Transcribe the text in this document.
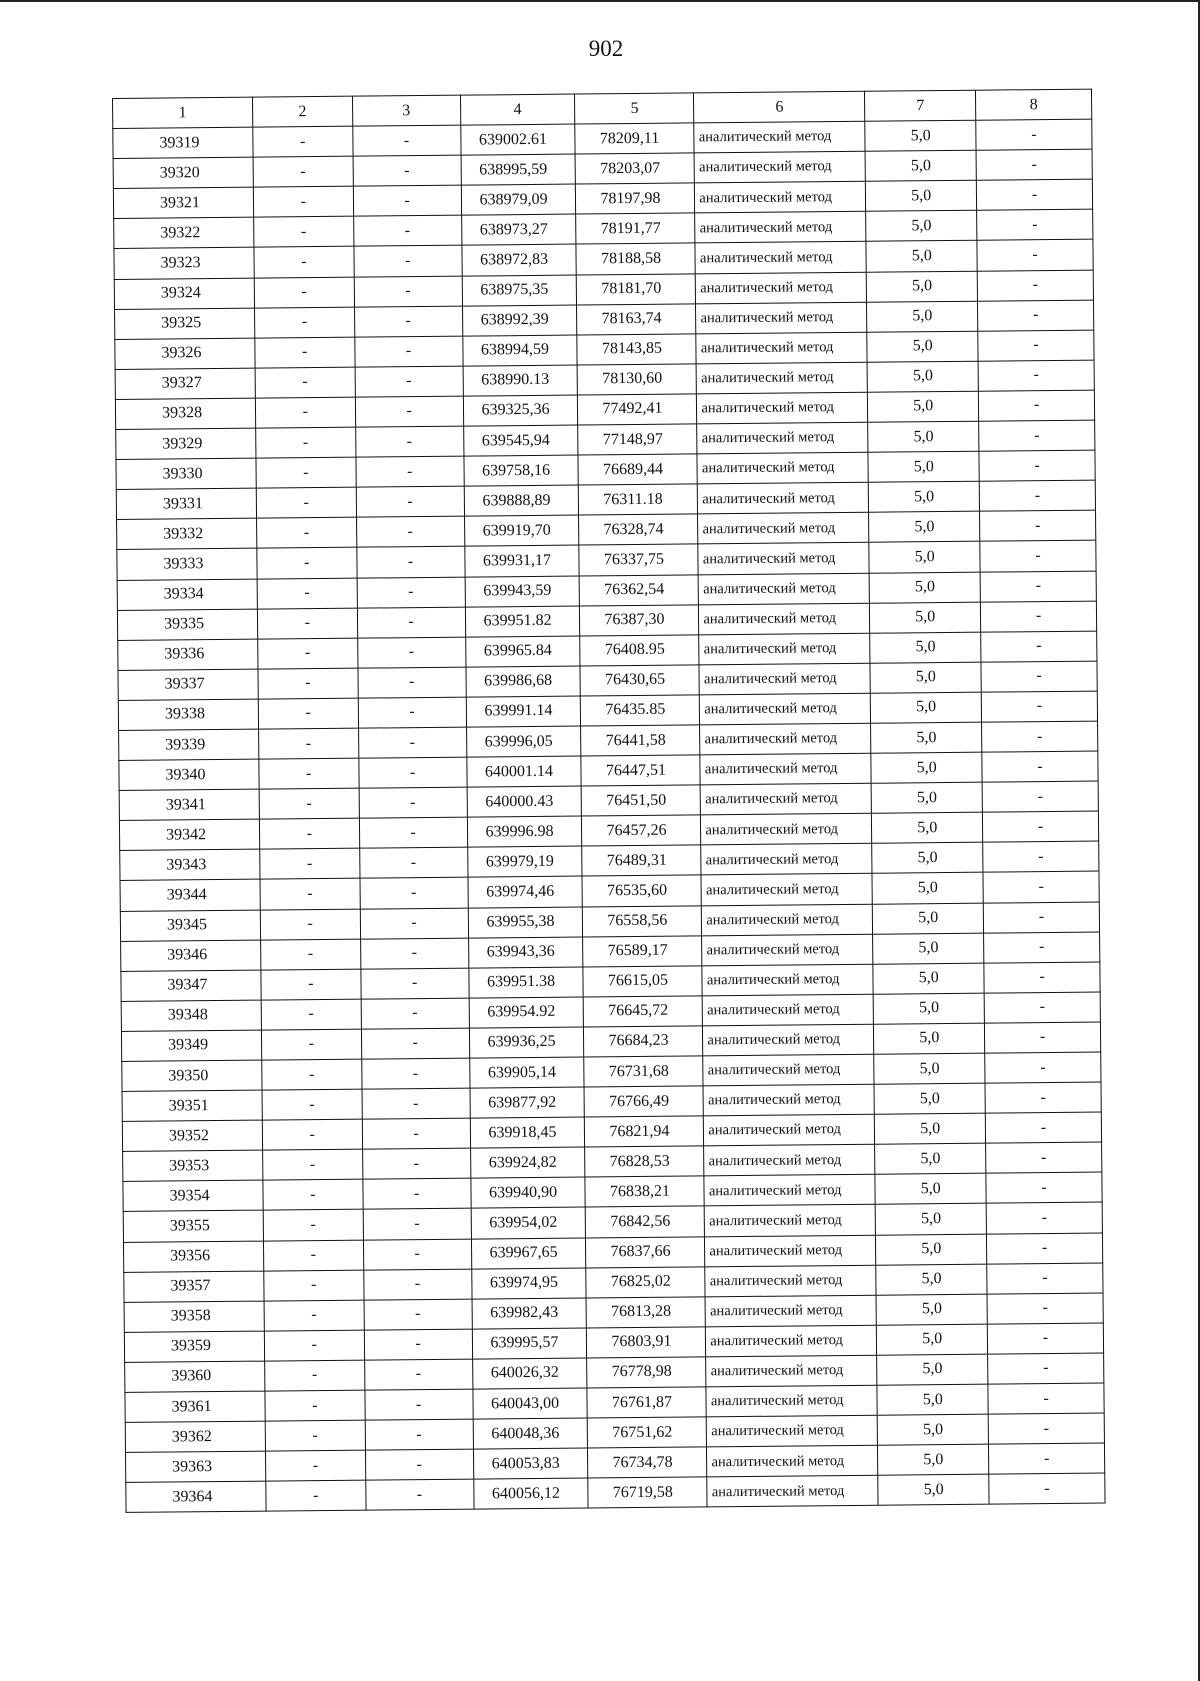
902
1	2	3	4	5	6	7	8
39319	-	-	639002.61	78209,11	аналитический метод	5,0	-
39320	-	-	638995,59	78203,07	аналитический метод	5,0	-
39321	-	-	638979,09	78197,98	аналитический метод	5,0	-
39322	-	-	638973,27	78191,77	аналитический метод	5,0	-
39323	-	-	638972,83	78188,58	аналитический метод	5,0	-
39324	-	-	638975,35	78181,70	аналитический метод	5,0	-
39325	-	-	638992,39	78163,74	аналитический метод	5,0	-
39326	-	-	638994,59	78143,85	аналитический метод	5,0	-
39327	-	-	638990.13	78130,60	аналитический метод	5,0	-
39328	-	-	639325,36	77492,41	аналитический метод	5,0	-
39329	-	-	639545,94	77148,97	аналитический метод	5,0	-
39330	-	-	639758,16	76689,44	аналитический метод	5,0	-
39331	-	-	639888,89	76311.18	аналитический метод	5,0	-
39332	-	-	639919,70	76328,74	аналитический метод	5,0	-
39333	-	-	639931,17	76337,75	аналитический метод	5,0	-
39334	-	-	639943,59	76362,54	аналитический метод	5,0	-
39335	-	-	639951.82	76387,30	аналитический метод	5,0	-
39336	-	-	639965.84	76408.95	аналитический метод	5,0	-
39337	-	-	639986,68	76430,65	аналитический метод	5,0	-
39338	-	-	639991.14	76435.85	аналитический метод	5,0	-
39339	-	-	639996,05	76441,58	аналитический метод	5,0	-
39340	-	-	640001.14	76447,51	аналитический метод	5,0	-
39341	-	-	640000.43	76451,50	аналитический метод	5,0	-
39342	-	-	639996.98	76457,26	аналитический метод	5,0	-
39343	-	-	639979,19	76489,31	аналитический метод	5,0	-
39344	-	-	639974,46	76535,60	аналитический метод	5,0	-
39345	-	-	639955,38	76558,56	аналитический метод	5,0	-
39346	-	-	639943,36	76589,17	аналитический метод	5,0	-
39347	-	-	639951.38	76615,05	аналитический метод	5,0	-
39348	-	-	639954.92	76645,72	аналитический метод	5,0	-
39349	-	-	639936,25	76684,23	аналитический метод	5,0	-
39350	-	-	639905,14	76731,68	аналитический метод	5,0	-
39351	-	-	639877,92	76766,49	аналитический метод	5,0	-
39352	-	-	639918,45	76821,94	аналитический метод	5,0	-
39353	-	-	639924,82	76828,53	аналитический метод	5,0	-
39354	-	-	639940,90	76838,21	аналитический метод	5,0	-
39355	-	-	639954,02	76842,56	аналитический метод	5,0	-
39356	-	-	639967,65	76837,66	аналитический метод	5,0	-
39357	-	-	639974,95	76825,02	аналитический метод	5,0	-
39358	-	-	639982,43	76813,28	аналитический метод	5,0	-
39359	-	-	639995,57	76803,91	аналитический метод	5,0	-
39360	-	-	640026,32	76778,98	аналитический метод	5,0	-
39361	-	-	640043,00	76761,87	аналитический метод	5,0	-
39362	-	-	640048,36	76751,62	аналитический метод	5,0	-
39363	-	-	640053,83	76734,78	аналитический метод	5,0	-
39364	-	-	640056,12	76719,58	аналитический метод	5,0	-
